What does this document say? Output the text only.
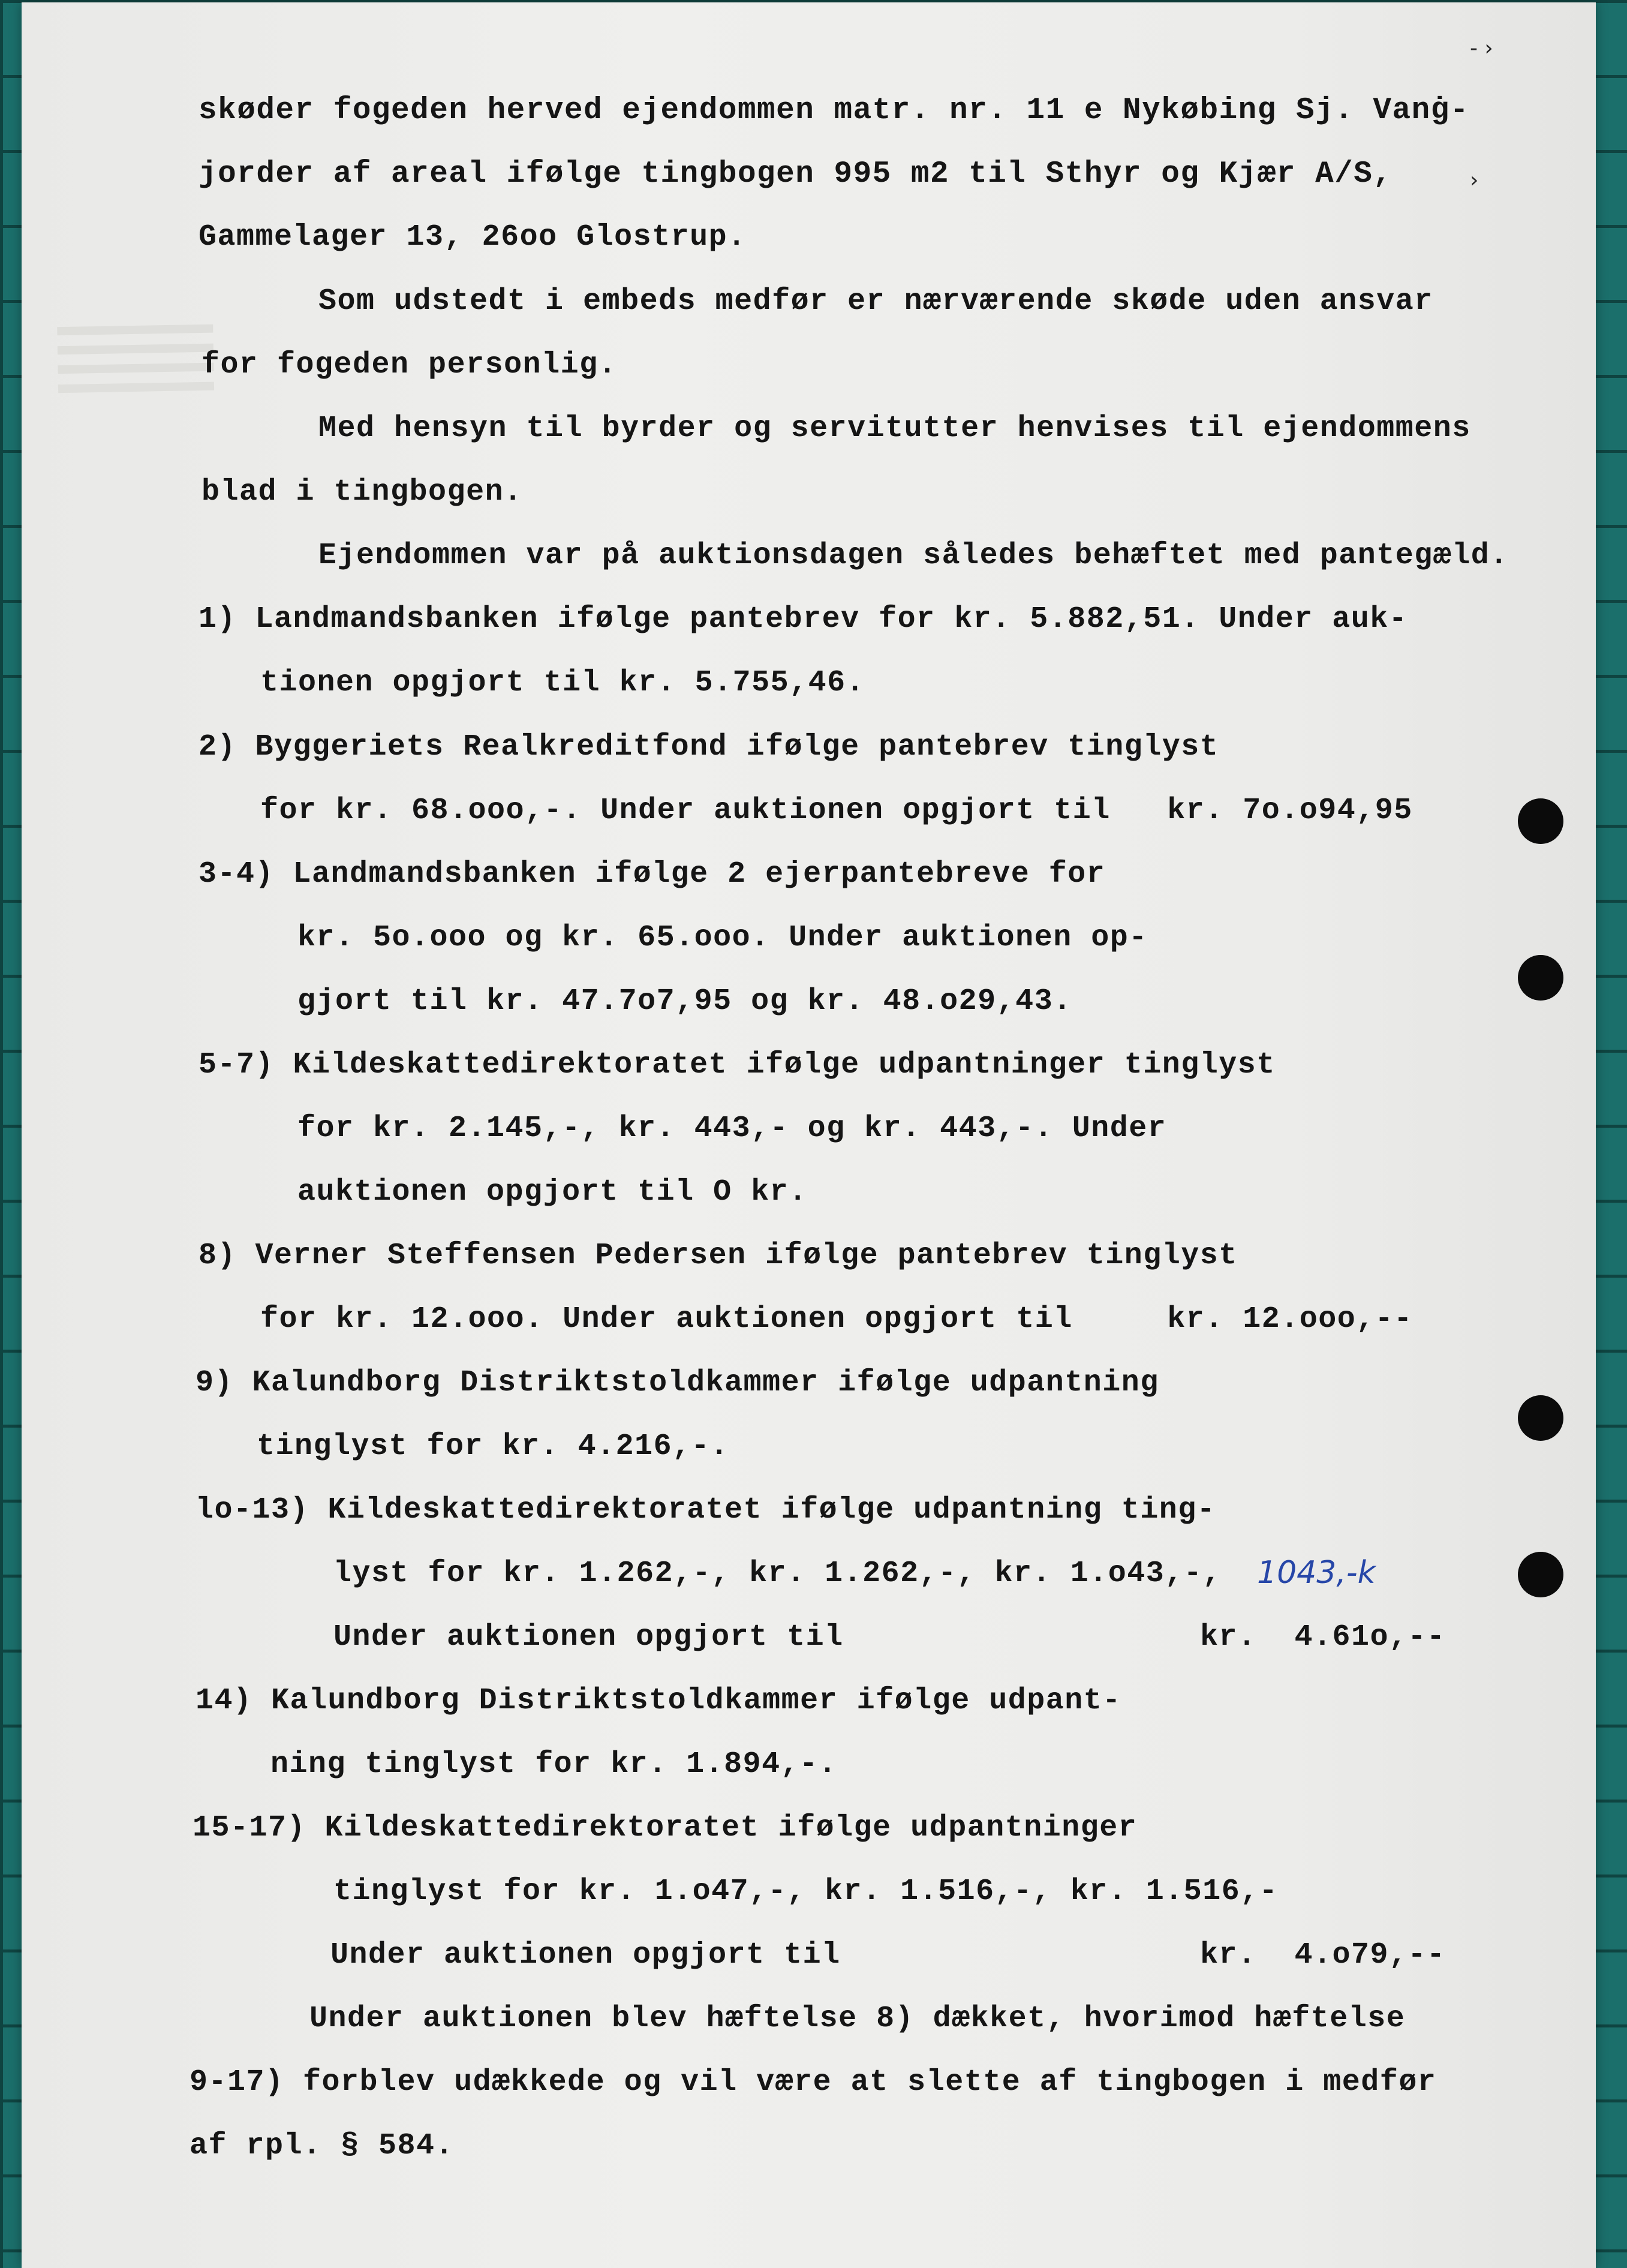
‑ ›
›
skøder fogeden herved ejendommen matr. nr. 11 e Nykøbing Sj. Vanġ-
jorder af areal ifølge tingbogen 995 m2 til Sthyr og Kjær A/S,
Gammelager 13, 26oo Glostrup.
Som udstedt i embeds medfør er nærværende skøde uden ansvar
for fogeden personlig.
Med hensyn til byrder og servitutter henvises til ejendommens
blad i tingbogen.
Ejendommen var på auktionsdagen således behæftet med pantegæld.
1) Landmandsbanken ifølge pantebrev for kr. 5.882,51. Under auk-
tionen opgjort til kr. 5.755,46.
2) Byggeriets Realkreditfond ifølge pantebrev tinglyst
for kr. 68.ooo,-. Under auktionen opgjort til   kr. 7o.o94,95
3-4) Landmandsbanken ifølge 2 ejerpantebreve for
kr. 5o.ooo og kr. 65.ooo. Under auktionen op-
gjort til kr. 47.7o7,95 og kr. 48.o29,43.
5-7) Kildeskattedirektoratet ifølge udpantninger tinglyst
for kr. 2.145,-, kr. 443,- og kr. 443,-. Under
auktionen opgjort til O kr.
8) Verner Steffensen Pedersen ifølge pantebrev tinglyst
for kr. 12.ooo. Under auktionen opgjort til     kr. 12.ooo,--
9) Kalundborg Distriktstoldkammer ifølge udpantning
tinglyst for kr. 4.216,-.
lo-13) Kildeskattedirektoratet ifølge udpantning ting-
lyst for kr. 1.262,-, kr. 1.262,-, kr. 1.o43,-, 1043,-k
Under auktionen opgjort til	kr.  4.61o,--
14) Kalundborg Distriktstoldkammer ifølge udpant-
ning tinglyst for kr. 1.894,-.
15-17) Kildeskattedirektoratet ifølge udpantninger
tinglyst for kr. 1.o47,-, kr. 1.516,-, kr. 1.516,-
Under auktionen opgjort til	kr.  4.o79,--
Under auktionen blev hæftelse 8) dækket, hvorimod hæftelse
9-17) forblev udækkede og vil være at slette af tingbogen i medfør
af rpl. § 584.
